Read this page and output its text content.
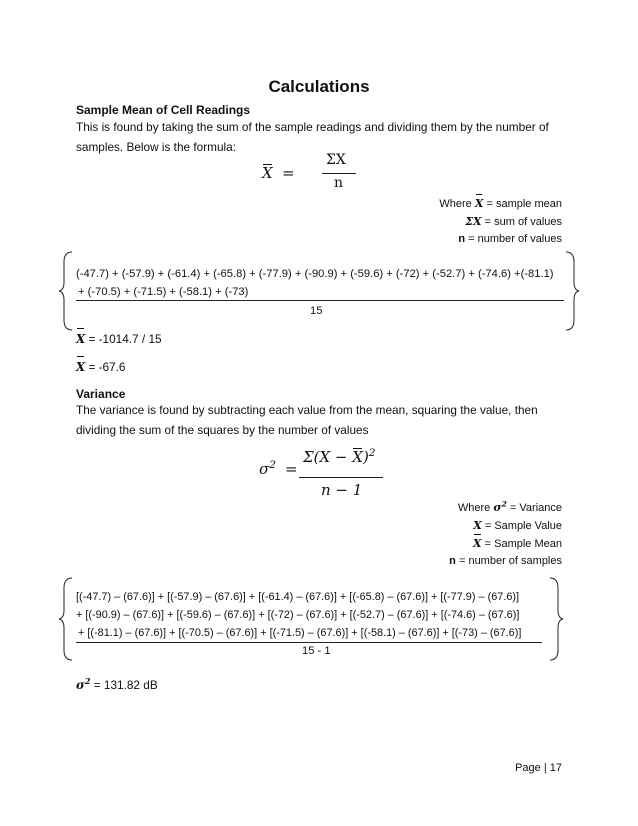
Calculations
Sample Mean of Cell Readings
This is found by taking the sum of the sample readings and dividing them by the number of
samples. Below is the formula:
X =
ΣX
n
Where X = sample mean
ΣX = sum of values
n = number of values
(-47.7) + (-57.9) + (-61.4) + (-65.8) + (-77.9) + (-90.9) + (-59.6) + (-72) + (-52.7) + (-74.6) +(-81.1)
+ (-70.5) + (-71.5) + (-58.1) + (-73)
15
X = -1014.7 / 15
X = -67.6
Variance
The variance is found by subtracting each value from the mean, squaring the value, then
dividing the sum of the squares by the number of values
$\sigma^2$ =
$\Sigma(X - X)^2$
n − 1
Where $\sigma^2$ = Variance
X = Sample Value
X = Sample Mean
n = number of samples
[(-47.7) – (67.6)] + [(-57.9) – (67.6)] + [(-61.4) – (67.6)] + [(-65.8) – (67.6)] + [(-77.9) – (67.6)]
+ [(-90.9) – (67.6)] + [(-59.6) – (67.6)] + [(-72) – (67.6)] + [(-52.7) – (67.6)] + [(-74.6) – (67.6)]
+ [(-81.1) – (67.6)] + [(-70.5) – (67.6)] + [(-71.5) – (67.6)] + [(-58.1) – (67.6)] + [(-73) – (67.6)]
15 - 1
$\sigma^2 = 131.82$ dB
Page | 17
